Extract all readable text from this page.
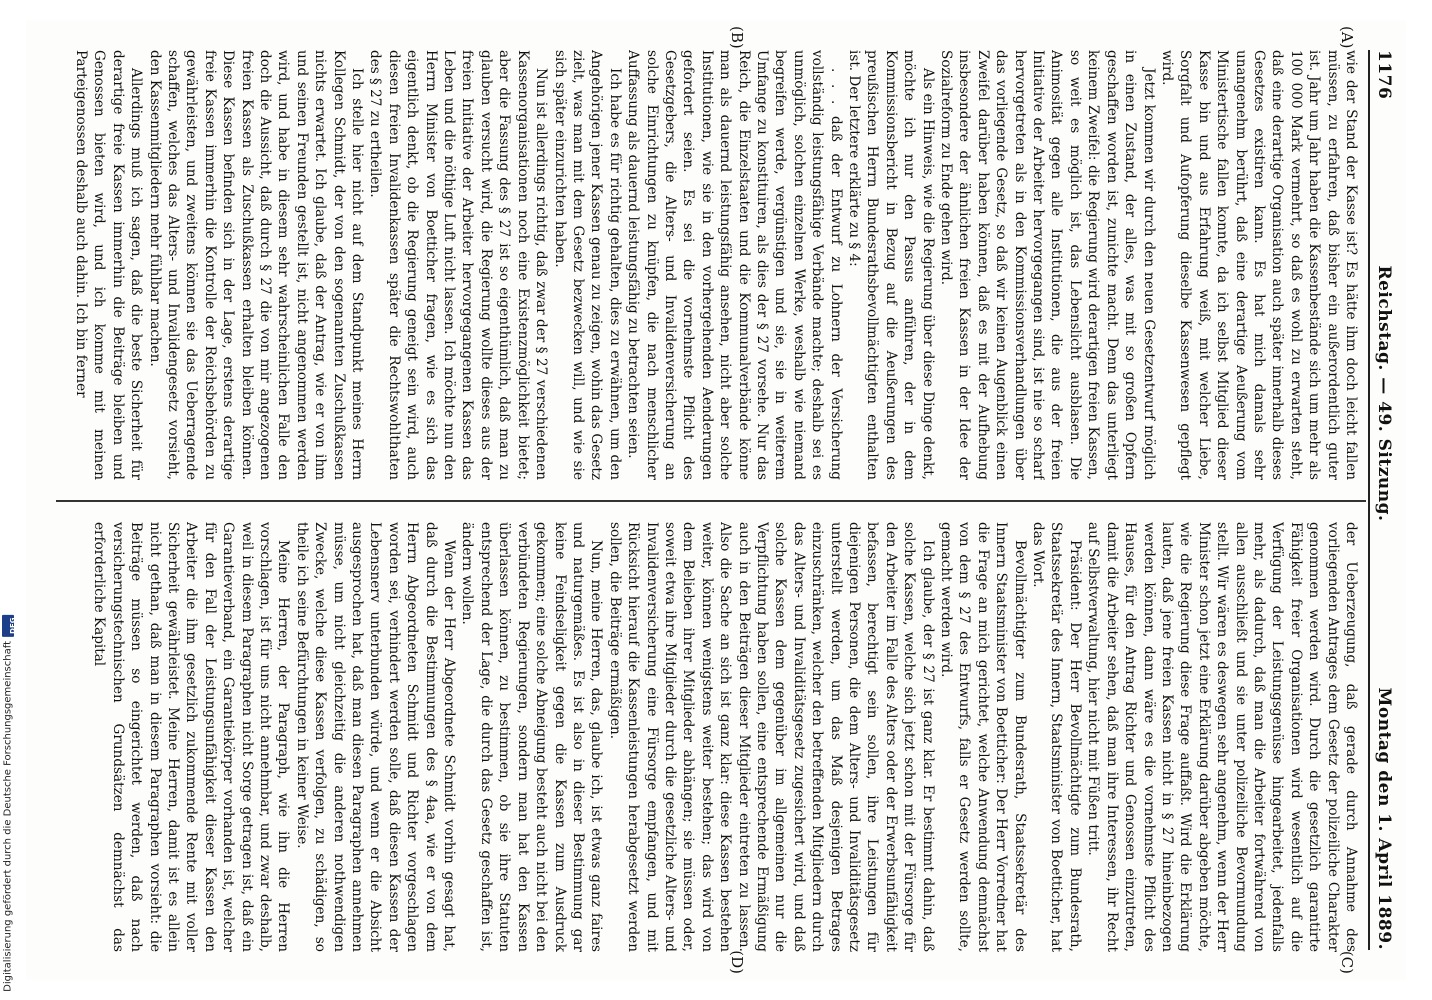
1176
Reichstag. — 49. Sitzung.
Montag den 1. April 1889.
(A)
(B)
(C)
(D)

wie der Stand der Kasse ist? Es hätte ihm doch leicht fallen müssen, zu erfahren, daß bisher ein außerordentlich guter ist. Jahr um Jahr haben die Kassenbestände sich um mehr als 100 000 Mark vermehrt, so daß es wohl zu erwarten steht, daß eine derartige Organisation auch später innerhalb dieses Gesetzes existiren kann. Es hat mich damals sehr unangenehm berührt, daß eine derartige Aeußerung vom Ministertische fallen konnte, da ich selbst Mitglied dieser Kasse bin und aus Erfahrung weiß, mit welcher Liebe, Sorgfalt und Aufopferung dieselbe Kassenwesen gepflegt wird.

Jetzt kommen wir durch den neuen Gesetzentwurf möglich in einen Zustand, der alles, was mit so großen Opfern geschaffen worden ist, zunichte macht. Denn das unterliegt keinem Zweifel: die Regierung wird derartigen freien Kassen, so weit es möglich ist, das Lebenslicht ausblasen. Die Animosität gegen alle Institutionen, die aus der freien Initiative der Arbeiter hervorgegangen sind, ist nie so scharf hervorgetreten als in den Kommissionsverhandlungen über das vorliegende Gesetz, so daß wir keinen Augenblick einen Zweifel darüber haben können, daß es mit der Aufhebung insbesondere der ähnlichen freien Kassen in der Idee der Sozialreform zu Ende gehen wird.

Als ein Hinweis, wie die Regierung über diese Dinge denkt, möchte ich nur den Passus anführen, der in dem Kommissionsbericht in Bezug auf die Aeußerungen des preußischen Herrn Bundesrathsbevollmächtigten enthalten ist. Der letztere erklärte zu § 4:

. . . daß der Entwurf zu Lohnern der Versicherung vollständig leistungsfähige Verbände machte; deshalb sei es unmöglich, solchen einzelnen Werke, weshalb wie niemand begreifen werde, vergünstigen und sie, sie in weiterem Umfange zu konstituiren, als dies der § 27 vorsehe. Nur das Reich, die Einzelstaaten und die Kommunalverbände könne man als dauernd leistungsfähig ansehen, nicht aber solche Institutionen, wie sie in den vorhergehenden Aenderungen gefordert seien. Es sei die vornehmste Pflicht des Gesetzgebers, die Alters- und Invalidenversicherung an solche Einrichtungen zu knüpfen, die nach menschlicher Auffassung als dauernd leistungsfähig zu betrachten seien.

Ich habe es für richtig gehalten, dies zu erwähnen, um den Angehörigen jener Kassen genau zu zeigen, wohin das Gesetz zielt, was man mit dem Gesetz bezwecken will, und wie sie sich später einzurichten haben.

Nun ist allerdings richtig, daß zwar der § 27 verschiedenen Kassenorganisationen noch eine Existenzmöglichkeit bietet; aber die Fassung des § 27 ist so eigenthümlich, daß man zu glauben versucht wird, die Regierung wollte dieses aus der freien Initiative der Arbeiter hervorgegangenen Kassen das Leben und die nöthige Luft nicht lassen. Ich möchte nun den Herrn Minister von Boetticher fragen, wie es sich das eigentlich denkt, ob die Regierung geneigt sein wird, auch diesen freien Invalidenkassen später die Rechtswohlthaten des § 27 zu ertheilen.

Ich stelle hier nicht auf dem Standpunkt meines Herrn Kollegen Schmidt, der von den sogenannten Zuschußkassen nichts erwartet. Ich glaube, daß der Antrag, wie er von ihm und seinen Freunden gestellt ist, nicht angenommen werden wird, und habe in diesem sehr wahrscheinlichen Falle den doch die Aussicht, daß durch § 27 die von mir angezogenen freien Kassen als Zuschußkassen erhalten bleiben können. Diese Kassen befinden sich in der Lage, erstens derartige freie Kassen immerhin die Kontrolle der Reichsbehörden zu gewährleisten, und zweitens können sie das Ueberragende schaffen, welches das Alters- und Invalidengesetz vorsieht, den Kassenmitgliedern mehr fühlbar machen.

Allerdings muß ich sagen, daß die beste Sicherheit für derartige freie Kassen immerhin die Beiträge bleiben und Genossen bieten wird, und ich komme mit meinen Parteigenossen deshalb auch dahin. Ich bin ferner

der Ueberzeugung, daß gerade durch Annahme des vorliegenden Antrages dem Gesetz der polizeiliche Charakter genommen werden wird. Durch die gesetzlich garantirte Fähigkeit freier Organisationen wird wesentlich auf die Verfügung der Leistungsgenüsse hingearbeitet, jedenfalls mehr, als dadurch, daß man die Arbeiter fortwährend von allen ausschließt und sie unter polizeiliche Bevormundung stellt. Wir wären es deswegen sehr angenehm, wenn der Herr Minister schon jetzt eine Erklärung darüber abgeben möchte, wie die Regierung diese Frage auffaßt. Wird die Erklärung lauten, daß jene freien Kassen nicht in § 27 hineinbezogen werden können, dann wäre es die vornehmste Pflicht des Hauses, für den Antrag Richter und Genossen einzutreten, damit die Arbeiter sehen, daß man ihre Interessen, ihr Recht auf Selbstverwaltung, hier nicht mit Füßen tritt.

Präsident: Der Herr Bevollmächtigte zum Bundesrath, Staatssekretär des Innern, Staatsminister von Boetticher, hat das Wort.

Bevollmächtigter zum Bundesrath, Staatssekretär des Innern Staatsminister von Boetticher: Der Herr Vorredner hat die Frage an mich gerichtet, welche Anwendung demnächst von dem § 27 des Entwurfs, falls er Gesetz werden sollte, gemacht werden wird.

Ich glaube, der § 27 ist ganz klar. Er bestimmt dahin, daß solche Kassen, welche sich jetzt schon mit der Fürsorge für den Arbeiter im Falle des Alters oder der Erwerbsunfähigkeit befassen, berechtigt sein sollen, ihre Leistungen für diejenigen Personen, die dem Alters- und Invaliditätsgesetz unterstellt werden, um das Maß desjenigen Betrages einzuschränken, welcher den betreffenden Mitgliedern durch das Alters- und Invaliditätsgesetz zugesichert wird, und daß solche Kassen dem gegenüber im allgemeinen nur die Verpflichtung haben sollen, eine entsprechende Ermäßigung auch in den Beiträgen dieser Mitglieder eintreten zu lassen. Also die Sache an sich ist ganz klar: diese Kassen bestehen weiter, können wenigstens weiter bestehen; das wird von dem Belieben ihrer Mitglieder abhängen; sie müssen oder, soweit etwa ihre Mitglieder durch die gesetzliche Alters- und Invalidenversicherung eine Fürsorge empfangen, und mit Rücksicht hierauf die Kassenleistungen herabgesetzt werden sollen, die Beiträge ermäßigen.

Nun, meine Herren, das, glaube ich, ist etwas ganz faires und naturgemäßes. Es ist also in dieser Bestimmung gar keine Feindseligkeit gegen die Kassen zum Ausdruck gekommen; eine solche Abneigung besteht auch nicht bei den verbündeten Regierungen, sondern man hat den Kassen überlassen können, zu bestimmen, ob sie ihre Statuten entsprechend der Lage, die durch das Gesetz geschaffen ist, ändern wollen.

Wenn der Herr Abgeordnete Schmidt vorhin gesagt hat, daß durch die Bestimmungen des § 4aa, wie er von dem Herrn Abgeordneten Schmidt und Richter vorgeschlagen worden sei, verhindert werden solle, daß diesen Kassen der Lebensnerv unterbunden würde, und wenn er die Absicht ausgesprochen hat, daß man diesen Paragraphen annehmen müsse, um nicht gleichzeitig die anderen nothwendigen Zwecke, welche diese Kassen verfolgen, zu schädigen, so theile ich seine Befürchtungen in keiner Weise.

Meine Herren, der Paragraph, wie ihn die Herren vorschlagen, ist für uns nicht annehmbar, und zwar deshalb, weil in diesem Paragraphen nicht Sorge getragen ist, daß ein Garantieverband, ein Garantiekörper vorhanden ist, welcher für den Fall der Leistungsunfähigkeit dieser Kassen den Arbeiter die ihm gesetzlich zukommende Rente mit voller Sicherheit gewährleistet. Meine Herren, damit ist es allein nicht gethan, daß man in diesem Paragraphen vorsieht: die Beiträge müssen so eingerichtet werden, daß nach versicherungstechnischen Grundsätzen demnächst das erforderliche Kapital

Digitalisierung gefördert durch die Deutsche Forschungsgemeinschaft
DFG
